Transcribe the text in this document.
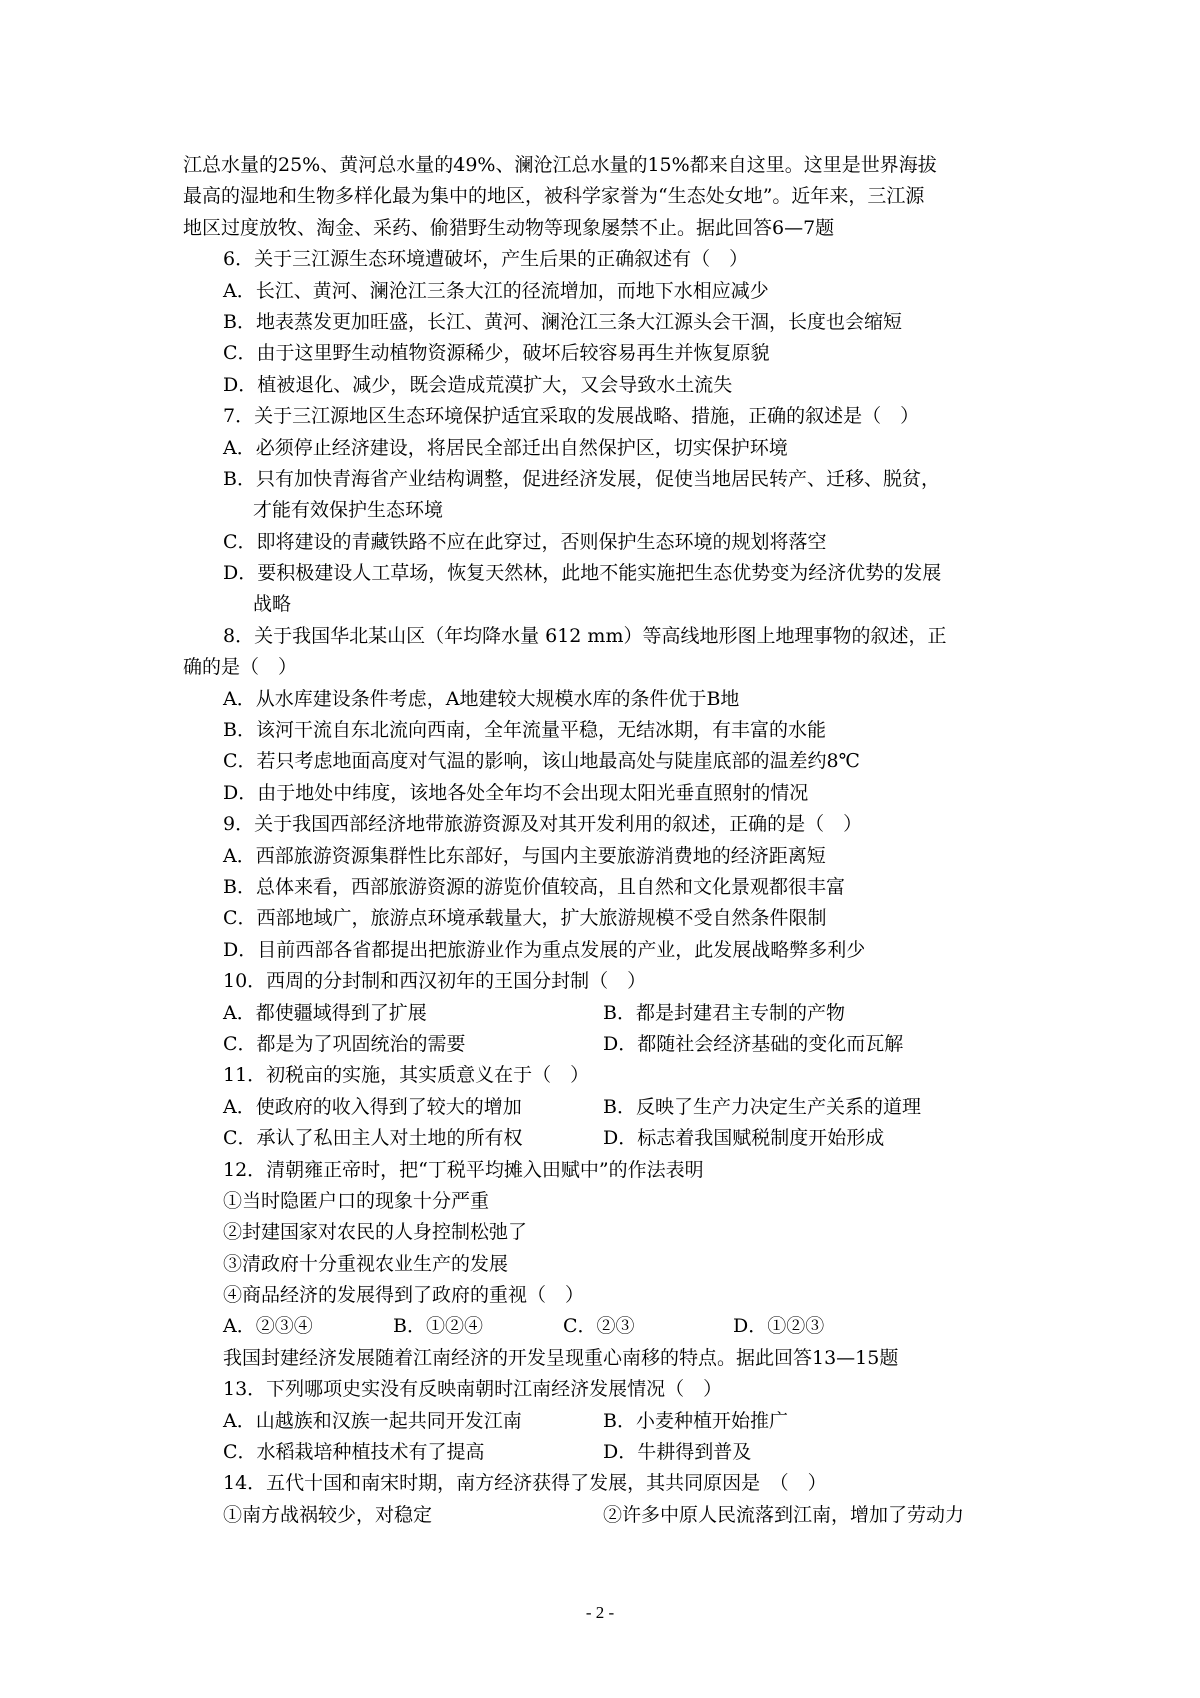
江总水量的25%、黄河总水量的49%、澜沧江总水量的15%都来自这里。这里是世界海拔
最高的湿地和生物多样化最为集中的地区，被科学家誉为“生态处女地”。近年来，三江源
地区过度放牧、淘金、采药、偷猎野生动物等现象屡禁不止。据此回答6—7题
6．关于三江源生态环境遭破坏，产生后果的正确叙述有（　）
A．长江、黄河、澜沧江三条大江的径流增加，而地下水相应减少
B．地表蒸发更加旺盛，长江、黄河、澜沧江三条大江源头会干涸，长度也会缩短
C．由于这里野生动植物资源稀少，破坏后较容易再生并恢复原貌
D．植被退化、减少，既会造成荒漠扩大，又会导致水土流失
7．关于三江源地区生态环境保护适宜采取的发展战略、措施，正确的叙述是（　）
A．必须停止经济建设，将居民全部迁出自然保护区，切实保护环境
B．只有加快青海省产业结构调整，促进经济发展，促使当地居民转产、迁移、脱贫，
才能有效保护生态环境
C．即将建设的青藏铁路不应在此穿过，否则保护生态环境的规划将落空
D．要积极建设人工草场，恢复天然林，此地不能实施把生态优势变为经济优势的发展
战略
8．关于我国华北某山区（年均降水量 612 mm）等高线地形图上地理事物的叙述，正
确的是（　）
A．从水库建设条件考虑，A地建较大规模水库的条件优于B地
B．该河干流自东北流向西南，全年流量平稳，无结冰期，有丰富的水能
C．若只考虑地面高度对气温的影响，该山地最高处与陡崖底部的温差约8℃
D．由于地处中纬度，该地各处全年均不会出现太阳光垂直照射的情况
9．关于我国西部经济地带旅游资源及对其开发利用的叙述，正确的是（　）
A．西部旅游资源集群性比东部好，与国内主要旅游消费地的经济距离短
B．总体来看，西部旅游资源的游览价值较高，且自然和文化景观都很丰富
C．西部地域广，旅游点环境承载量大，扩大旅游规模不受自然条件限制
D．目前西部各省都提出把旅游业作为重点发展的产业，此发展战略弊多利少
10．西周的分封制和西汉初年的王国分封制（　）
A．都使疆域得到了扩展	B．都是封建君主专制的产物
C．都是为了巩固统治的需要	D．都随社会经济基础的变化而瓦解
11．初税亩的实施，其实质意义在于（　）
A．使政府的收入得到了较大的增加	B．反映了生产力决定生产关系的道理
C．承认了私田主人对土地的所有权	D．标志着我国赋税制度开始形成
12．清朝雍正帝时，把“丁税平均摊入田赋中”的作法表明
①当时隐匿户口的现象十分严重
②封建国家对农民的人身控制松弛了
③清政府十分重视农业生产的发展
④商品经济的发展得到了政府的重视（　）
A．②③④	B．①②④	C．②③	D．①②③
我国封建经济发展随着江南经济的开发呈现重心南移的特点。据此回答13—15题
13．下列哪项史实没有反映南朝时江南经济发展情况（　）
A．山越族和汉族一起共同开发江南	B．小麦种植开始推广
C．水稻栽培种植技术有了提高	D．牛耕得到普及
14．五代十国和南宋时期，南方经济获得了发展，其共同原因是　（　）
①南方战祸较少，对稳定	②许多中原人民流落到江南，增加了劳动力
- 2 -
